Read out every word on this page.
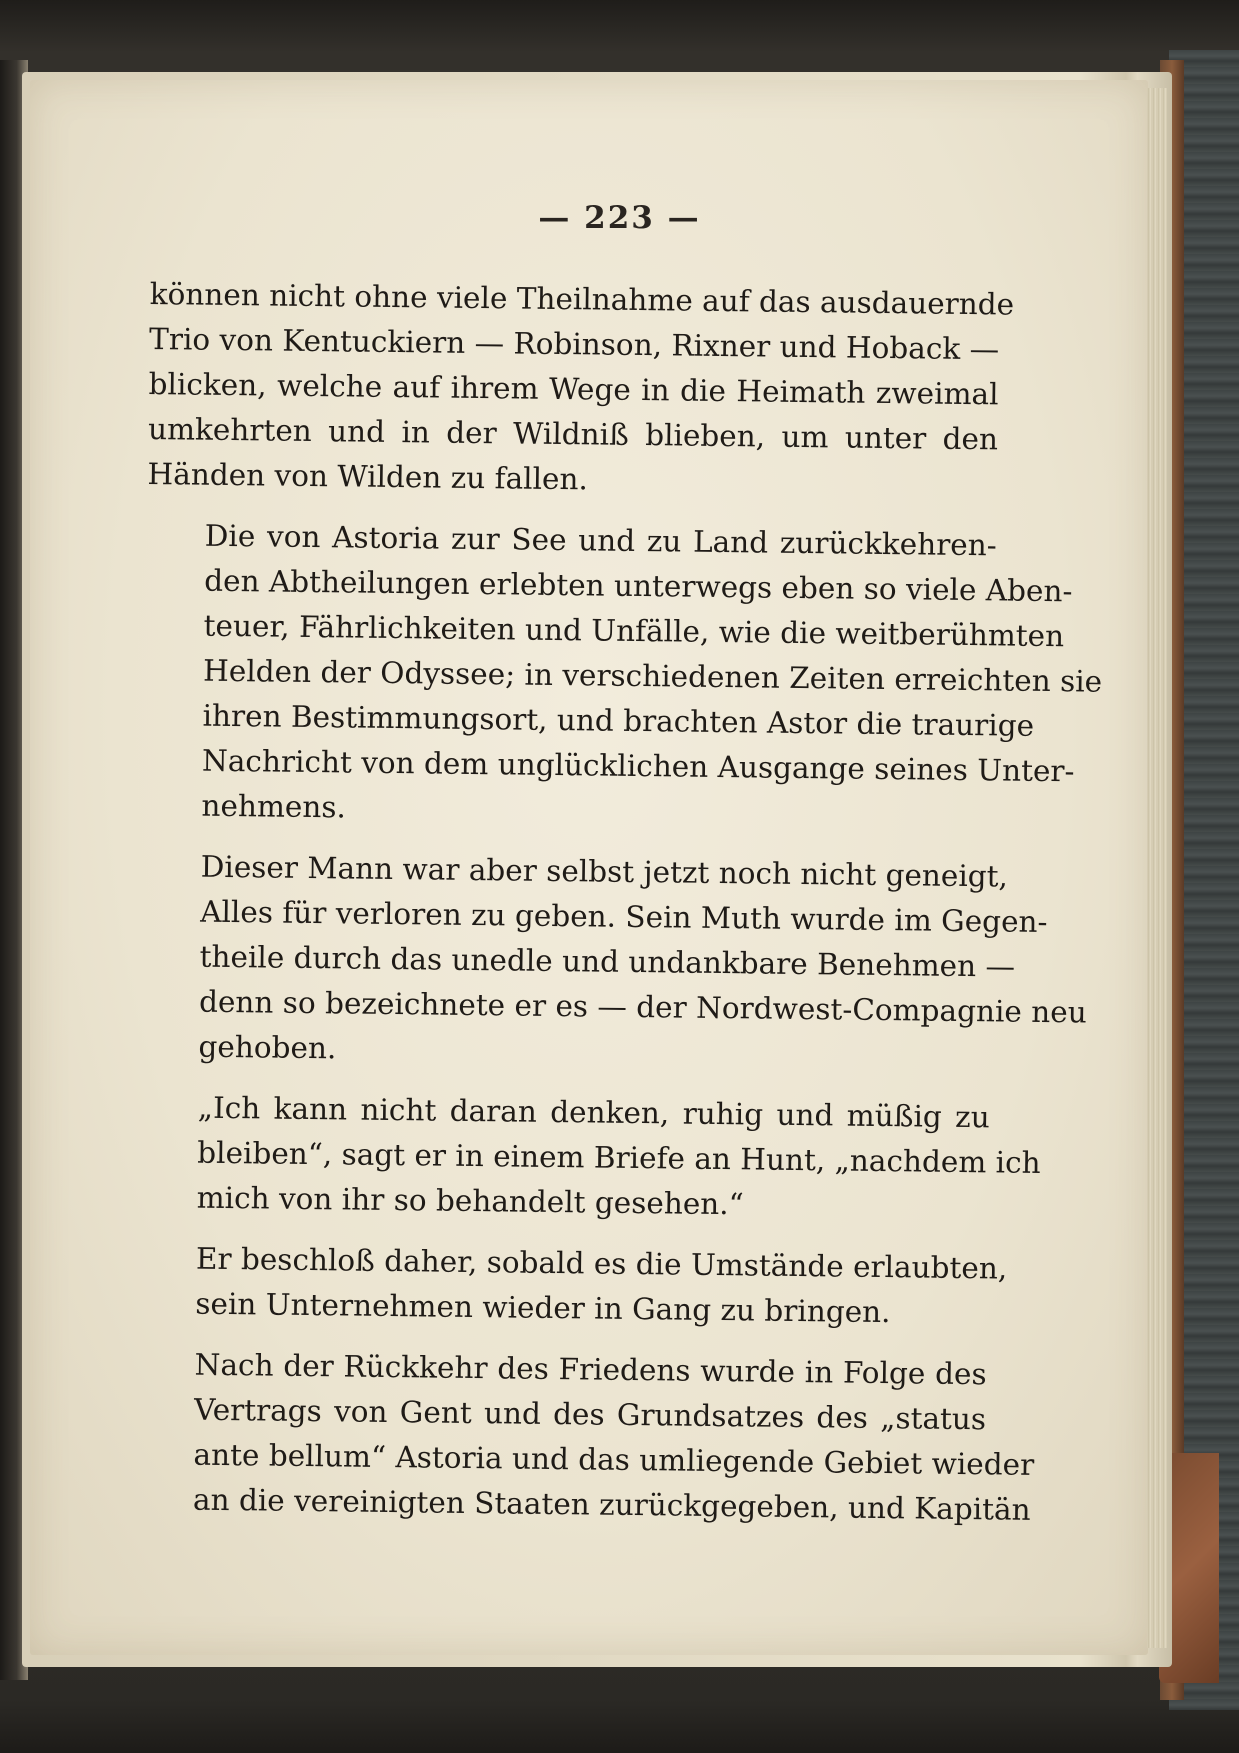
— 223 —

können nicht ohne viele Theilnahme auf das ausdauernde
Trio von Kentuckiern — Robinson, Rixner und Hoback —
blicken, welche auf ihrem Wege in die Heimath zweimal
umkehrten und in der Wildniß blieben, um unter den
Händen von Wilden zu fallen.

Die von Astoria zur See und zu Land zurückkehren-
den Abtheilungen erlebten unterwegs eben so viele Aben-
teuer, Fährlichkeiten und Unfälle, wie die weitberühmten
Helden der Odyssee; in verschiedenen Zeiten erreichten sie
ihren Bestimmungsort, und brachten Astor die traurige
Nachricht von dem unglücklichen Ausgange seines Unter-
nehmens.

Dieser Mann war aber selbst jetzt noch nicht geneigt,
Alles für verloren zu geben. Sein Muth wurde im Gegen-
theile durch das unedle und undankbare Benehmen —
denn so bezeichnete er es — der Nordwest-Compagnie neu
gehoben.

„Ich kann nicht daran denken, ruhig und müßig zu
bleiben“, sagt er in einem Briefe an Hunt, „nachdem ich
mich von ihr so behandelt gesehen.“

Er beschloß daher, sobald es die Umstände erlaubten,
sein Unternehmen wieder in Gang zu bringen.

Nach der Rückkehr des Friedens wurde in Folge des
Vertrags von Gent und des Grundsatzes des „status
ante bellum“ Astoria und das umliegende Gebiet wieder
an die vereinigten Staaten zurückgegeben, und Kapitän
